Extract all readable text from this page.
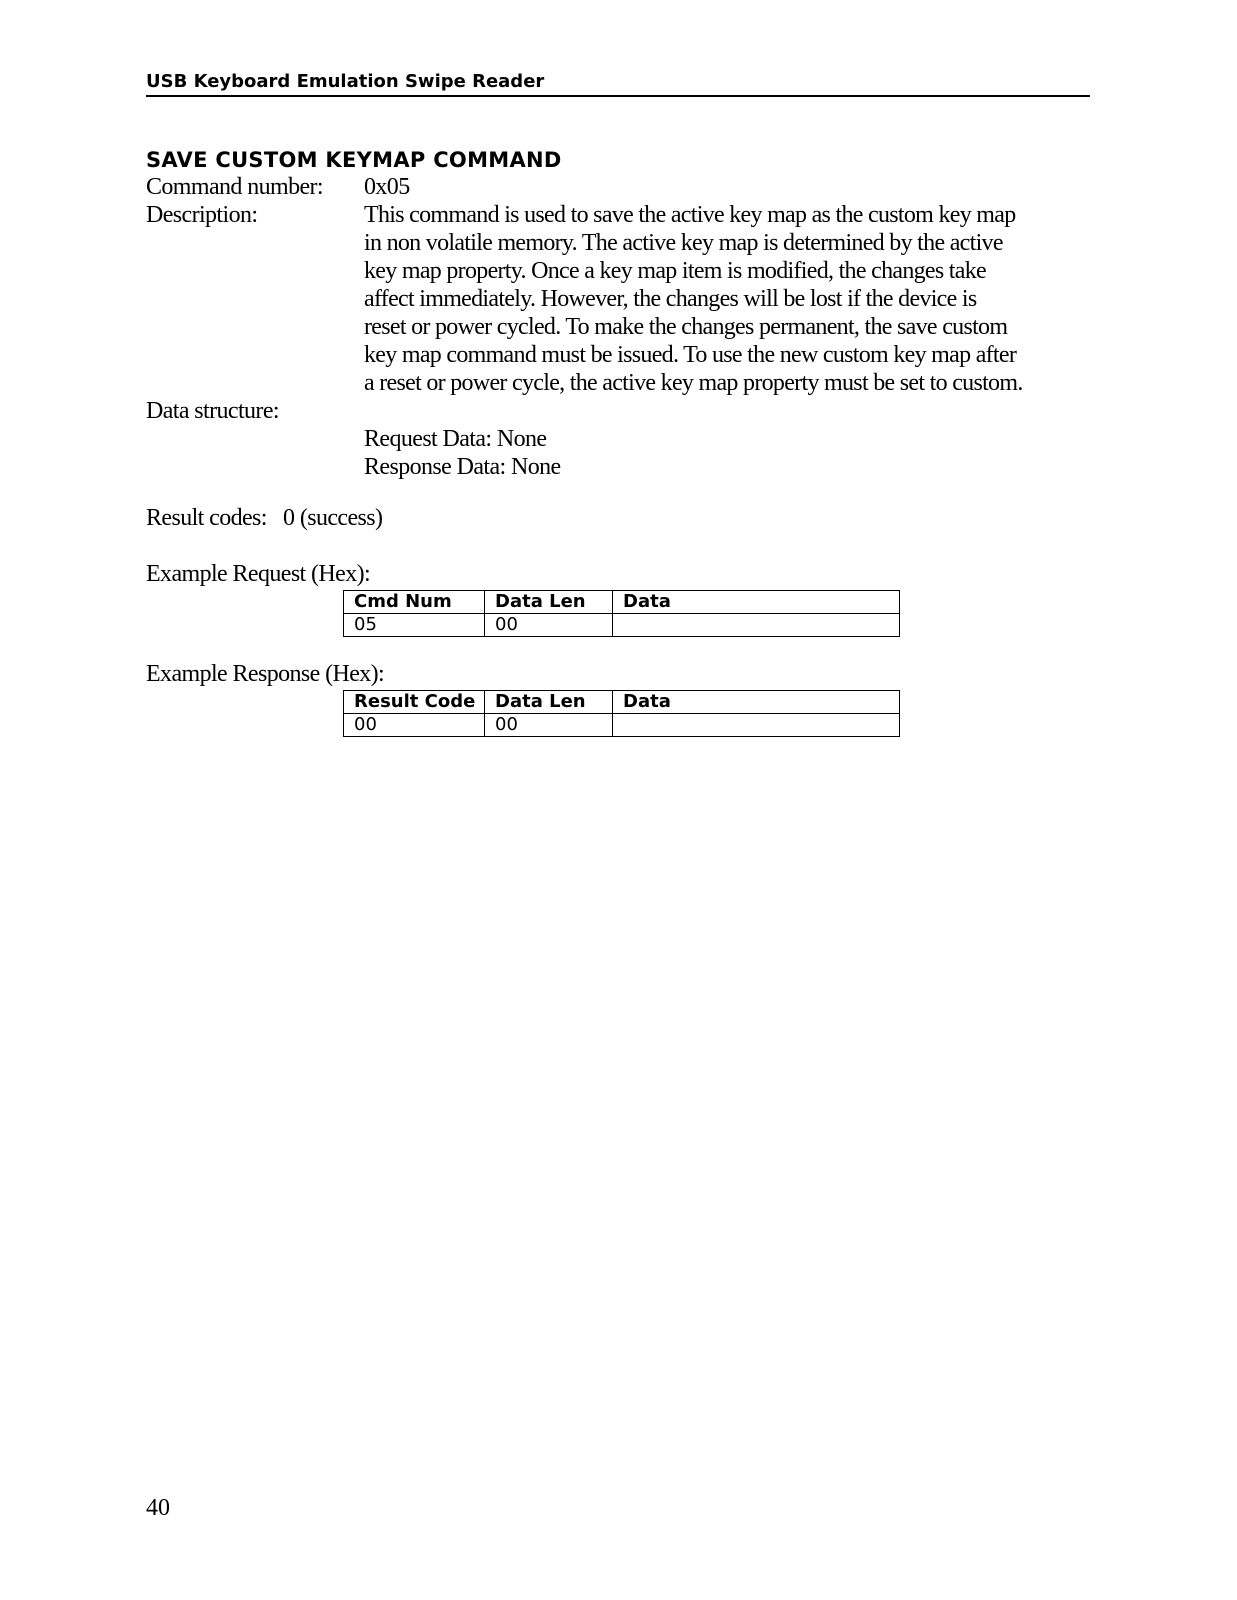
USB Keyboard Emulation Swipe Reader
SAVE CUSTOM KEYMAP COMMAND
Command number: 0x05
Description:	This command is used to save the active key map as the custom key map
in non volatile memory. The active key map is determined by the active
key map property. Once a key map item is modified, the changes take
affect immediately. However, the changes will be lost if the device is
reset or power cycled. To make the changes permanent, the save custom
key map command must be issued. To use the new custom key map after
a reset or power cycle, the active key map property must be set to custom.
Data structure:
Request Data: None
Response Data: None
Result codes:   0 (success)
Example Request (Hex):
Cmd Num	Data Len	Data
05	00	
Example Response (Hex):
Result Code	Data Len	Data
00	00	
40
